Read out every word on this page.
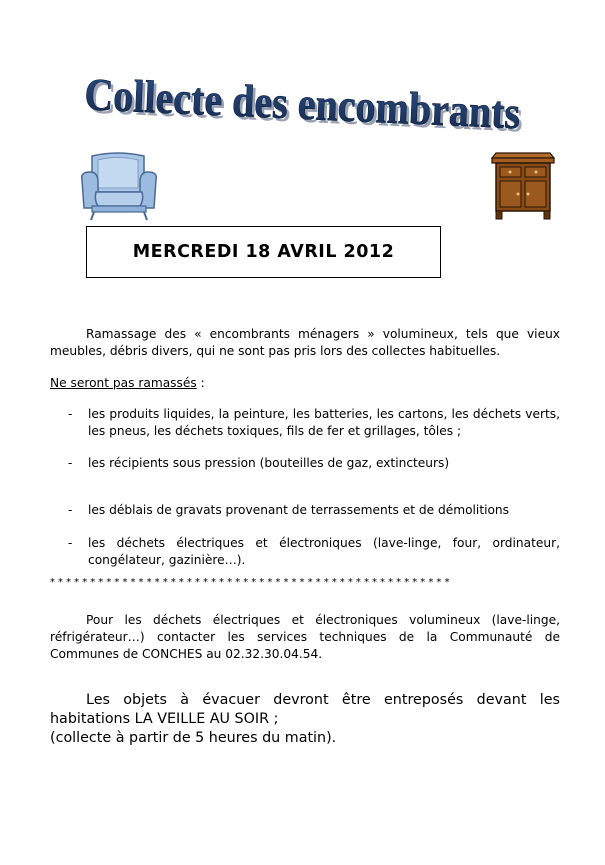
Collecte des encombrants
Collecte des encombrants
MERCREDI 18 AVRIL 2012
Ramassage des « encombrants ménagers » volumineux, tels que vieux meubles, débris divers, qui ne sont pas pris lors des collectes habituelles.
Ne seront pas ramassés :
- les produits liquides, la peinture, les batteries, les cartons, les déchets verts, les pneus, les déchets toxiques, fils de fer et grillages, tôles ;
- les récipients sous pression (bouteilles de gaz, extincteurs)
- les déblais de gravats provenant de terrassements et de démolitions
- les déchets électriques et électroniques (lave-linge, four, ordinateur, congélateur, gazinière…).
**************************************************
Pour les déchets électriques et électroniques volumineux (lave-linge, réfrigérateur…) contacter les services techniques de la Communauté de Communes de CONCHES au 02.32.30.04.54.
Les objets à évacuer devront être entreposés devant les habitations LA VEILLE AU SOIR ;
(collecte à partir de 5 heures du matin).
